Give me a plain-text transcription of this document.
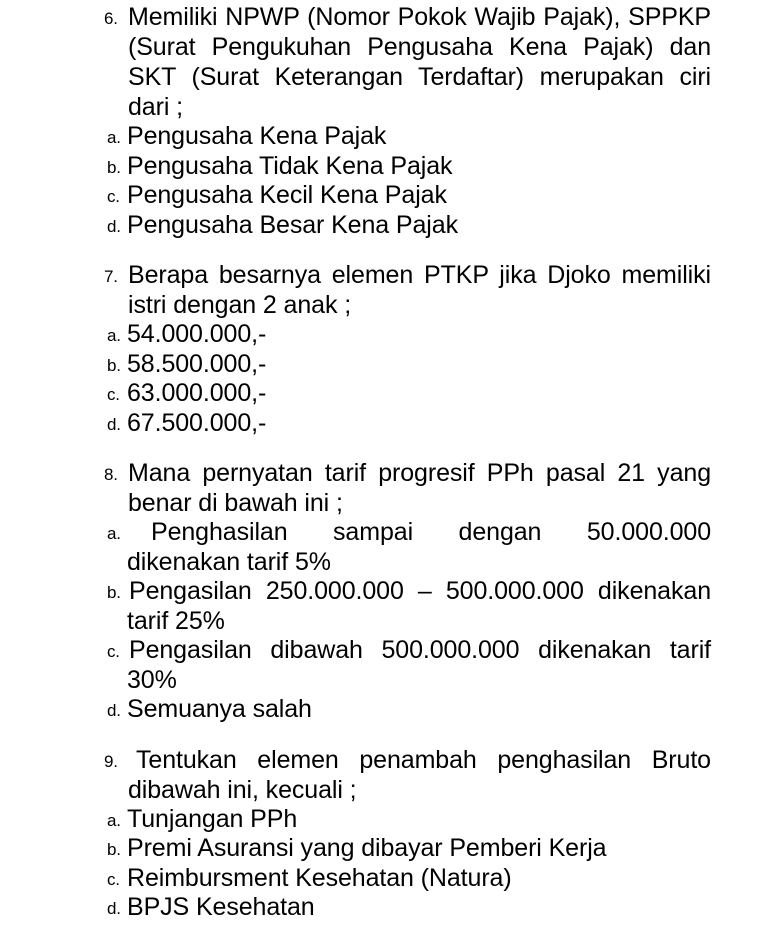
6. Memiliki NPWP (Nomor Pokok Wajib Pajak), SPPKP (Surat Pengukuhan Pengusaha Kena Pajak) dan SKT (Surat Keterangan Terdaftar) merupakan ciri dari ;
a. Pengusaha Kena Pajak
b. Pengusaha Tidak Kena Pajak
c. Pengusaha Kecil Kena Pajak
d. Pengusaha Besar Kena Pajak
7. Berapa besarnya elemen PTKP jika Djoko memiliki istri dengan 2 anak ;
a. 54.000.000,-
b. 58.500.000,-
c. 63.000.000,-
d. 67.500.000,-
8. Mana pernyatan tarif progresif PPh pasal 21 yang benar di bawah ini ;
a. Penghasilan sampai dengan 50.000.000 dikenakan tarif 5%
b. Pengasilan 250.000.000 – 500.000.000 dikenakan tarif 25%
c. Pengasilan dibawah 500.000.000 dikenakan tarif 30%
d. Semuanya salah
9. Tentukan elemen penambah penghasilan Bruto dibawah ini, kecuali ;
a. Tunjangan PPh
b. Premi Asuransi yang dibayar Pemberi Kerja
c. Reimbursment Kesehatan (Natura)
d. BPJS Kesehatan
